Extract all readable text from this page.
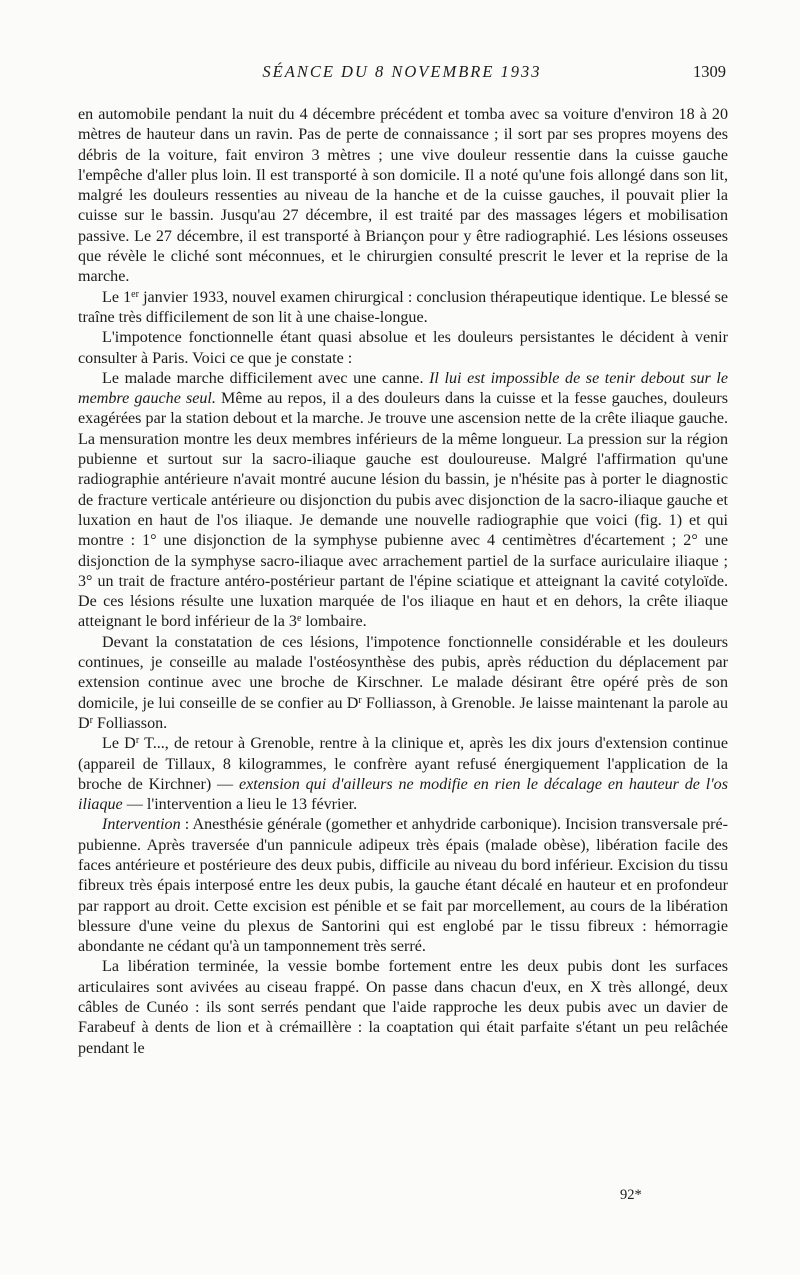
SÉANCE DU 8 NOVEMBRE 1933	1309

en automobile pendant la nuit du 4 décembre précédent et tomba avec sa voiture d'environ 18 à 20 mètres de hauteur dans un ravin. Pas de perte de connaissance ; il sort par ses propres moyens des débris de la voiture, fait environ 3 mètres ; une vive douleur ressentie dans la cuisse gauche l'empêche d'aller plus loin. Il est transporté à son domicile. Il a noté qu'une fois allongé dans son lit, malgré les douleurs ressenties au niveau de la hanche et de la cuisse gauches, il pouvait plier la cuisse sur le bassin. Jusqu'au 27 décembre, il est traité par des massages légers et mobilisation passive. Le 27 décembre, il est transporté à Briançon pour y être radiographié. Les lésions osseuses que révèle le cliché sont méconnues, et le chirurgien consulté prescrit le lever et la reprise de la marche.

Le 1er janvier 1933, nouvel examen chirurgical : conclusion thérapeutique identique. Le blessé se traîne très difficilement de son lit à une chaise-longue.

L'impotence fonctionnelle étant quasi absolue et les douleurs persistantes le décident à venir consulter à Paris. Voici ce que je constate :

Le malade marche difficilement avec une canne. Il lui est impossible de se tenir debout sur le membre gauche seul. Même au repos, il a des douleurs dans la cuisse et la fesse gauches, douleurs exagérées par la station debout et la marche. Je trouve une ascension nette de la crête iliaque gauche. La mensuration montre les deux membres inférieurs de la même longueur. La pression sur la région pubienne et surtout sur la sacro-iliaque gauche est douloureuse. Malgré l'affirmation qu'une radiographie antérieure n'avait montré aucune lésion du bassin, je n'hésite pas à porter le diagnostic de fracture verticale antérieure ou disjonction du pubis avec disjonction de la sacro-iliaque gauche et luxation en haut de l'os iliaque. Je demande une nouvelle radiographie que voici (fig. 1) et qui montre : 1° une disjonction de la symphyse pubienne avec 4 centimètres d'écartement ; 2° une disjonction de la symphyse sacro-iliaque avec arrachement partiel de la surface auriculaire iliaque ; 3° un trait de fracture antéro-postérieur partant de l'épine sciatique et atteignant la cavité cotyloïde. De ces lésions résulte une luxation marquée de l'os iliaque en haut et en dehors, la crête iliaque atteignant le bord inférieur de la 3e lombaire.

Devant la constatation de ces lésions, l'impotence fonctionnelle considérable et les douleurs continues, je conseille au malade l'ostéosynthèse des pubis, après réduction du déplacement par extension continue avec une broche de Kirschner. Le malade désirant être opéré près de son domicile, je lui conseille de se confier au $D^r$ Folliasson, à Grenoble. Je laisse maintenant la parole au $D^r$ Folliasson.

Le $D^r$ T..., de retour à Grenoble, rentre à la clinique et, après les dix jours d'extension continue (appareil de Tillaux, 8 kilogrammes, le confrère ayant refusé énergiquement l'application de la broche de Kirchner) — extension qui d'ailleurs ne modifie en rien le décalage en hauteur de l'os iliaque — l'intervention a lieu le 13 février.

Intervention : Anesthésie générale (gomether et anhydride carbonique). Incision transversale pré-pubienne. Après traversée d'un pannicule adipeux très épais (malade obèse), libération facile des faces antérieure et postérieure des deux pubis, difficile au niveau du bord inférieur. Excision du tissu fibreux très épais interposé entre les deux pubis, la gauche étant décalé en hauteur et en profondeur par rapport au droit. Cette excision est pénible et se fait par morcellement, au cours de la libération blessure d'une veine du plexus de Santorini qui est englobé par le tissu fibreux : hémorragie abondante ne cédant qu'à un tamponnement très serré.

La libération terminée, la vessie bombe fortement entre les deux pubis dont les surfaces articulaires sont avivées au ciseau frappé. On passe dans chacun d'eux, en X très allongé, deux câbles de Cunéo : ils sont serrés pendant que l'aide rapproche les deux pubis avec un davier de Farabeuf à dents de lion et à crémaillère : la coaptation qui était parfaite s'étant un peu relâchée pendant le

92*
